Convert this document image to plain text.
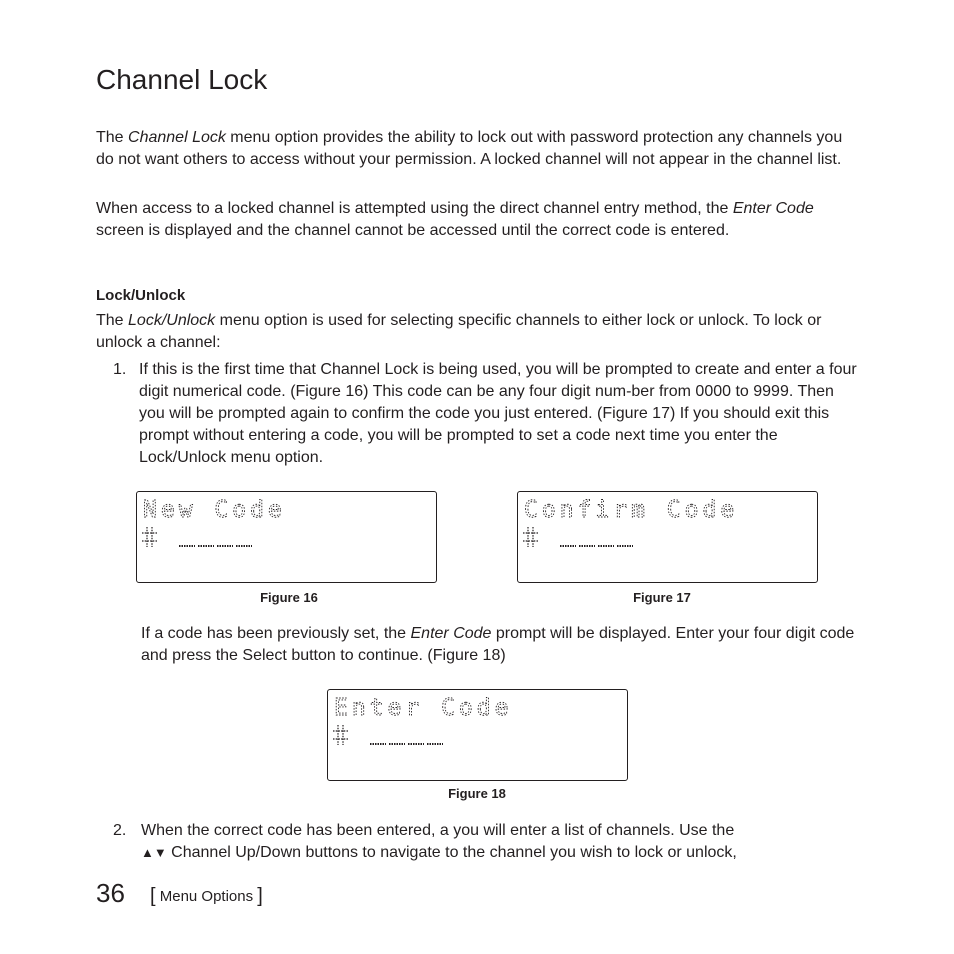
Channel Lock

The Channel Lock menu option provides the ability to lock out with password protection any channels you do not want others to access without your permission. A locked channel will not appear in the channel list.

When access to a locked channel is attempted using the direct channel entry method, the Enter Code screen is displayed and the channel cannot be accessed until the correct code is entered.

Lock/Unlock

The Lock/Unlock menu option is used for selecting specific channels to either lock or unlock. To lock or unlock a channel:

1. If this is the first time that Channel Lock is being used, you will be prompted to create and enter a four digit numerical code. (Figure 16) This code can be any four digit num-ber from 0000 to 9999. Then you will be prompted again to confirm the code you just entered. (Figure 17) If you should exit this prompt without entering a code, you will be prompted to set a code next time you enter the Lock/Unlock menu option.

New Code
Figure 16
Confirm Code
Figure 17

If a code has been previously set, the Enter Code prompt will be displayed. Enter your four digit code and press the Select button to continue. (Figure 18)

Enter Code
Figure 18
2. When the correct code has been entered, a you will enter a list of channels. Use the
▲▼ Channel Up/Down buttons to navigate to the channel you wish to lock or unlock,

36 [ Menu Options ]
